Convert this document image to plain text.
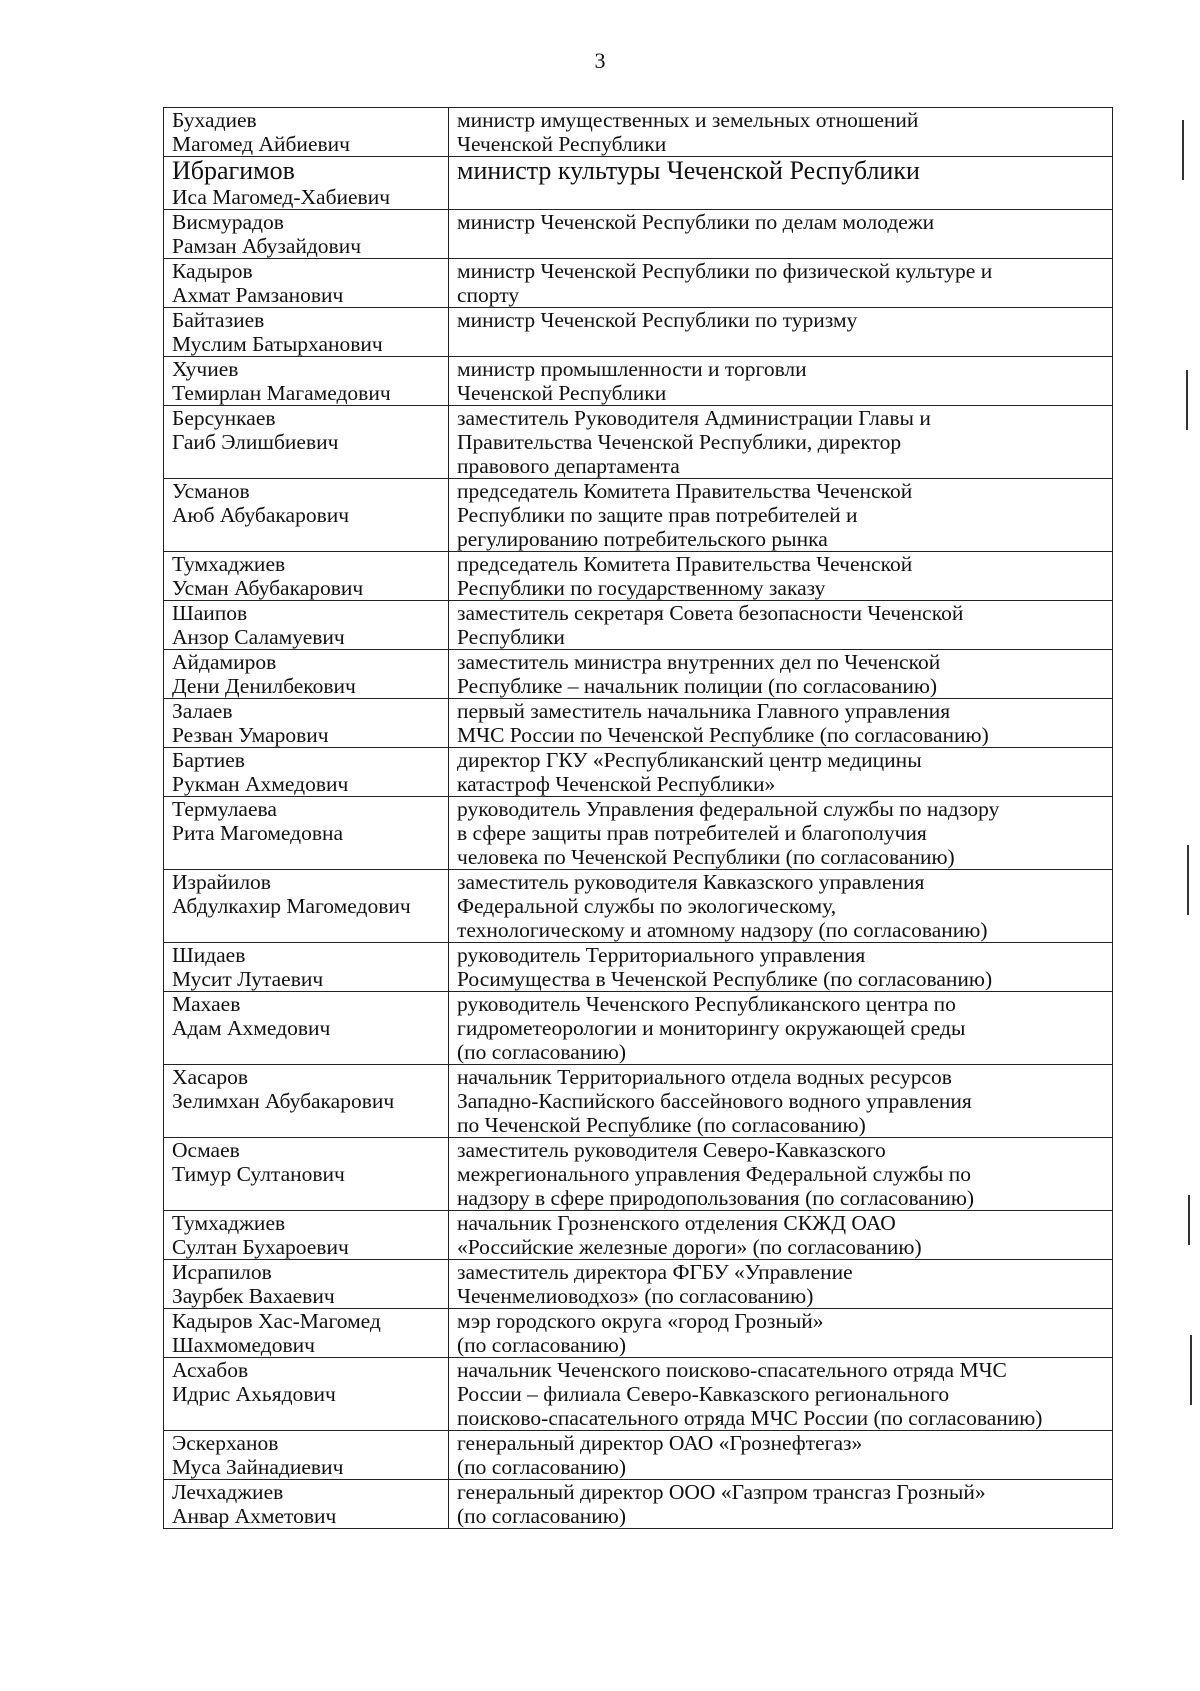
3
Бухадиев
Магомед Айбиевич	министр имущественных и земельных отношений
Чеченской Республики

Ибрагимов
Иса Магомед-Хабиевич	министр культуры Чеченской Республики

Висмурадов
Рамзан Абузайдович	министр Чеченской Республики по делам молодежи

Кадыров
Ахмат Рамзанович	министр Чеченской Республики по физической культуре и
спорту

Байтазиев
Муслим Батырханович	министр Чеченской Республики по туризму

Хучиев
Темирлан Магамедович	министр промышленности и торговли
Чеченской Республики

Берсункаев
Гаиб Элишбиевич	заместитель Руководителя Администрации Главы и
Правительства Чеченской Республики, директор
правового департамента

Усманов
Аюб Абубакарович	председатель Комитета Правительства Чеченской
Республики по защите прав потребителей и
регулированию потребительского рынка

Тумхаджиев
Усман Абубакарович	председатель Комитета Правительства Чеченской
Республики по государственному заказу

Шаипов
Анзор Саламуевич	заместитель секретаря Совета безопасности Чеченской
Республики

Айдамиров
Дени Денилбекович	заместитель министра внутренних дел по Чеченской
Республике – начальник полиции (по согласованию)

Залаев
Резван Умарович	первый заместитель начальника Главного управления
МЧС России по Чеченской Республике (по согласованию)

Бартиев
Рукман Ахмедович	директор ГКУ «Республиканский центр медицины
катастроф Чеченской Республики»

Термулаева
Рита Магомедовна	руководитель Управления федеральной службы по надзору
в сфере защиты прав потребителей и благополучия
человека по Чеченской Республики (по согласованию)

Израйилов
Абдулкахир Магомедович	заместитель руководителя Кавказского управления
Федеральной службы по экологическому,
технологическому и атомному надзору (по согласованию)

Шидаев
Мусит Лутаевич	руководитель Территориального управления
Росимущества в Чеченской Республике (по согласованию)

Махаев
Адам Ахмедович	руководитель Чеченского Республиканского центра по
гидрометеорологии и мониторингу окружающей среды
(по согласованию)

Хасаров
Зелимхан Абубакарович	начальник Территориального отдела водных ресурсов
Западно-Каспийского бассейнового водного управления
по Чеченской Республике (по согласованию)

Осмаев
Тимур Султанович	заместитель руководителя Северо-Кавказского
межрегионального управления Федеральной службы по
надзору в сфере природопользования (по согласованию)

Тумхаджиев
Султан Бухароевич	начальник Грозненского отделения СКЖД ОАО
«Российские железные дороги» (по согласованию)

Исрапилов
Заурбек Вахаевич	заместитель директора ФГБУ «Управление
Чеченмелиоводхоз» (по согласованию)

Кадыров Хас-Магомед
Шахмомедович	мэр городского округа «город Грозный»
(по согласованию)

Асхабов
Идрис Ахьядович	начальник Чеченского поисково-спасательного отряда МЧС
России – филиала Северо-Кавказского регионального
поисково-спасательного отряда МЧС России (по согласованию)

Эскерханов
Муса Зайнадиевич	генеральный директор ОАО «Грознефтегаз»
(по согласованию)

Лечхаджиев
Анвар Ахметович	генеральный директор ООО «Газпром трансгаз Грозный»
(по согласованию)
